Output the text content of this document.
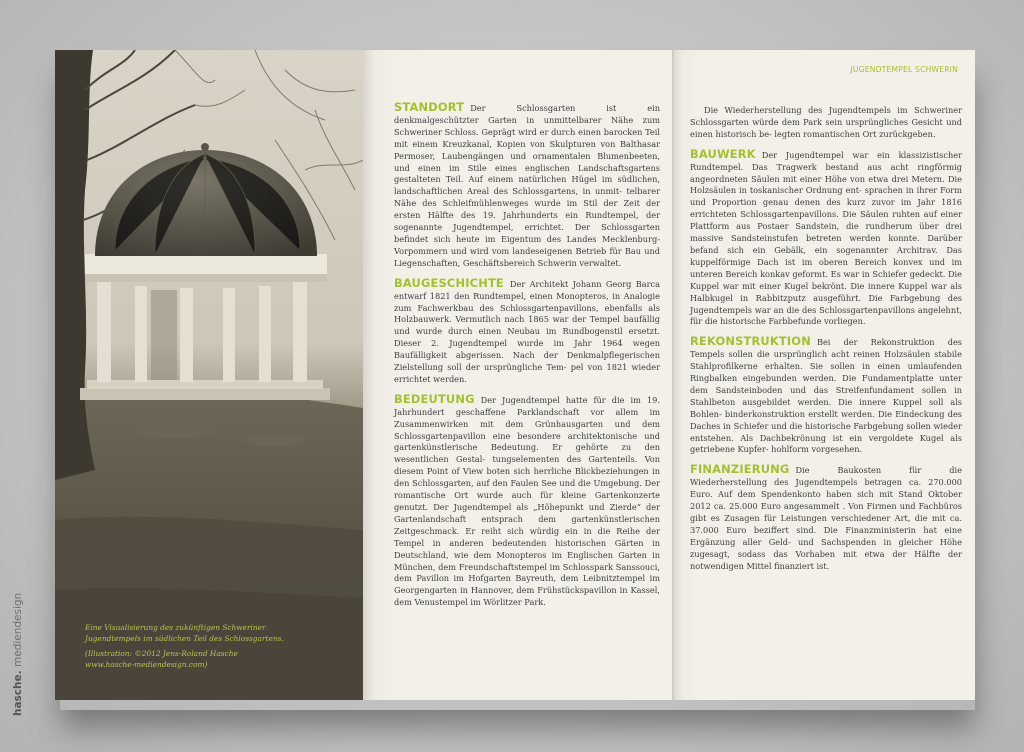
Eine Visualisierung des zukünftigen Schweriner

Jugendtempels im südlichen Teil des Schlossgartens.

(Illustration: ©2012 Jens-Roland Hasche

www.hasche-mediendesign.com)

STANDORT Der Schlossgarten ist ein denkmalgeschützter Garten in unmittelbarer Nähe zum Schweriner Schloss. Geprägt wird er durch einen barocken Teil mit einem Kreuzkanal, Kopien von Skulpturen von Balthasar Permoser, Laubengängen und ornamentalen Blumenbeeten, und einen im Stile eines englischen Landschaftsgartens gestalteten Teil. Auf einem natürlichen Hügel im südlichen, landschaftlichen Areal des Schlossgartens, in unmit- telbarer Nähe des Schleifmühlenweges wurde im Stil der Zeit der ersten Hälfte des 19. Jahrhunderts ein Rundtempel, der sogenannte Jugendtempel, errichtet. Der Schlossgarten befindet sich heute im Eigentum des Landes Mecklenburg- Vorpommern und wird vom landeseigenen Betrieb für Bau und Liegenschaften, Geschäftsbereich Schwerin verwaltet.

BAUGESCHICHTE Der Architekt Johann Georg Barca entwarf 1821 den Rundtempel, einen Monopteros, in Analogie zum Fachwerkbau des Schlossgartenpavillons, ebenfalls als Holzbauwerk. Vermutlich nach 1865 war der Tempel baufällig und wurde durch einen Neubau im Rundbogenstil ersetzt. Dieser 2. Jugendtempel wurde im Jahr 1964 wegen Baufälligkeit abgerissen. Nach der Denkmalpflegerischen Zielstellung soll der ursprüngliche Tem- pel von 1821 wieder errichtet werden.

BEDEUTUNG Der Jugendtempel hatte für die im 19. Jahrhundert geschaffene Parklandschaft vor allem im Zusammenwirken mit dem Grünhausgarten und dem Schlossgartenpavillon eine besondere architektonische und gartenkünstlerische Bedeutung. Er gehörte zu den wesentlichen Gestal- tungselementen des Gartenteils. Von diesem Point of View boten sich herrliche Blickbeziehungen in den Schlossgarten, auf den Faulen See und die Umgebung. Der romantische Ort wurde auch für kleine Gartenkonzerte genutzt. Der Jugendtempel als „Höhepunkt und Zierde“ der Gartenlandschaft entsprach dem gartenkünstlerischen Zeitgeschmack. Er reiht sich würdig ein in die Reihe der Tempel in anderen bedeutenden historischen Gärten in Deutschland, wie dem Monopteros im Englischen Garten in München, dem Freundschaftstempel im Schlosspark Sanssouci, dem Pavillon im Hofgarten Bayreuth, dem Leibnitztempel im Georgengarten in Hannover, dem Frühstückspavillon in Kassel, dem Venustempel im Wörlitzer Park.

JUGENDTEMPEL SCHWERIN

Die Wiederherstellung des Jugendtempels im Schweriner Schlossgarten würde dem Park sein ursprüngliches Gesicht und einen historisch be- legten romantischen Ort zurückgeben.

BAUWERK Der Jugendtempel war ein klassizistischer Rundtempel. Das Tragwerk bestand aus acht ringförmig angeordneten Säulen mit einer Höhe von etwa drei Metern. Die Holzsäulen in toskanischer Ordnung ent- sprachen in ihrer Form und Proportion genau denen des kurz zuvor im Jahr 1816 errichteten Schlossgartenpavillons. Die Säulen ruhten auf einer Plattform aus Postaer Sandstein, die rundherum über drei massive Sandsteinstufen betreten werden konnte. Darüber befand sich ein Gebälk, ein sogenannter Architrav. Das kuppelförmige Dach ist im oberen Bereich konvex und im unteren Bereich konkav geformt. Es war in Schiefer gedeckt. Die Kuppel war mit einer Kugel bekrönt. Die innere Kuppel war als Halbkugel in Rabbitzputz ausgeführt. Die Farbgebung des Jugendtempels war an die des Schlossgartenpavillons angelehnt, für die historische Farbbefunde vorliegen.

REKONSTRUKTION Bei der Rekonstruktion des Tempels sollen die ursprünglich acht reinen Holzsäulen stabile Stahlprofilkerne erhalten. Sie sollen in einen umlaufenden Ringbalken eingebunden werden. Die Fundamentplatte unter dem Sandsteinboden und das Streifenfundament sollen in Stahlbeton ausgebildet werden. Die innere Kuppel soll als Bohlen- binderkonstruktion erstellt werden. Die Eindeckung des Daches in Schiefer und die historische Farbgebung sollen wieder entstehen. Als Dachbekrönung ist ein vergoldete Kugel als getriebene Kupfer- hohlform vorgesehen.

FINANZIERUNG Die Baukosten für die Wiederherstellung des Jugendtempels betragen ca. 270.000 Euro. Auf dem Spendenkonto haben sich mit Stand Oktober 2012 ca. 25.000 Euro angesammelt . Von Firmen und Fachbüros gibt es Zusagen für Leistungen verschiedener Art, die mit ca. 37.000 Euro beziffert sind. Die Finanzministerin hat eine Ergänzung aller Geld- und Sachspenden in gleicher Höhe zugesagt, sodass das Vorhaben mit etwa der Hälfte der notwendigen Mittel finanziert ist.

hasche. mediendesign
